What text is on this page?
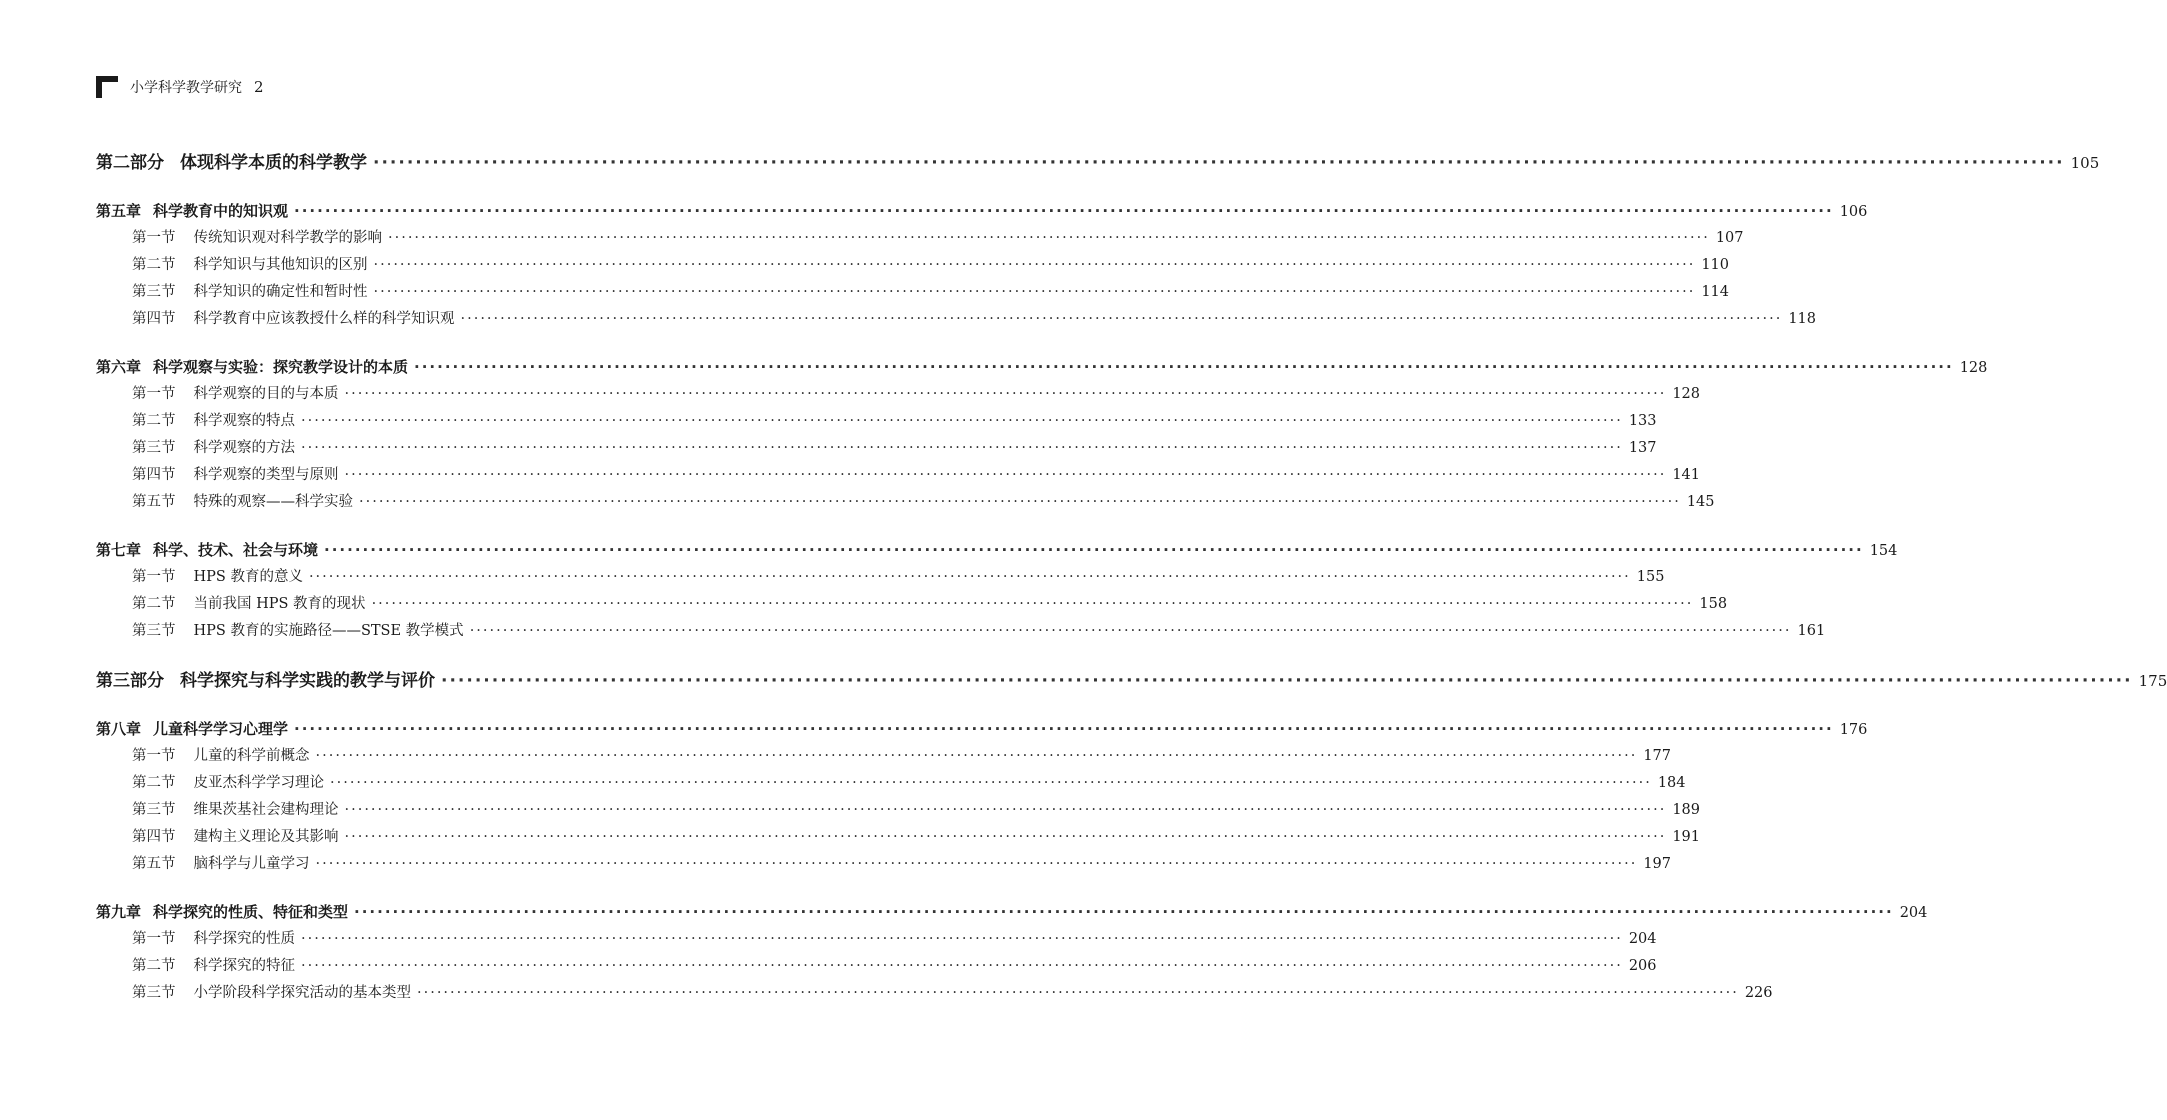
小学科学教学研究 2
第二部分 体现科学本质的科学教学 ········································································································································································································ 105
第五章 科学教育中的知识观 ········································································································································································································ 106
第一节 传统知识观对科学教学的影响 ········································································································································································································ 107
第二节 科学知识与其他知识的区别 ········································································································································································································ 110
第三节 科学知识的确定性和暂时性 ········································································································································································································ 114
第四节 科学教育中应该教授什么样的科学知识观 ········································································································································································································ 118
第六章 科学观察与实验：探究教学设计的本质 ········································································································································································································ 128
第一节 科学观察的目的与本质 ········································································································································································································ 128
第二节 科学观察的特点 ········································································································································································································ 133
第三节 科学观察的方法 ········································································································································································································ 137
第四节 科学观察的类型与原则 ········································································································································································································ 141
第五节 特殊的观察——科学实验 ········································································································································································································ 145
第七章 科学、技术、社会与环境 ········································································································································································································ 154
第一节 HPS 教育的意义 ········································································································································································································ 155
第二节 当前我国 HPS 教育的现状 ········································································································································································································ 158
第三节 HPS 教育的实施路径——STSE 教学模式 ········································································································································································································ 161
第三部分 科学探究与科学实践的教学与评价 ········································································································································································································ 175
第八章 儿童科学学习心理学 ········································································································································································································ 176
第一节 儿童的科学前概念 ········································································································································································································ 177
第二节 皮亚杰科学学习理论 ········································································································································································································ 184
第三节 维果茨基社会建构理论 ········································································································································································································ 189
第四节 建构主义理论及其影响 ········································································································································································································ 191
第五节 脑科学与儿童学习 ········································································································································································································ 197
第九章 科学探究的性质、特征和类型 ········································································································································································································ 204
第一节 科学探究的性质 ········································································································································································································ 204
第二节 科学探究的特征 ········································································································································································································ 206
第三节 小学阶段科学探究活动的基本类型 ········································································································································································································ 226
